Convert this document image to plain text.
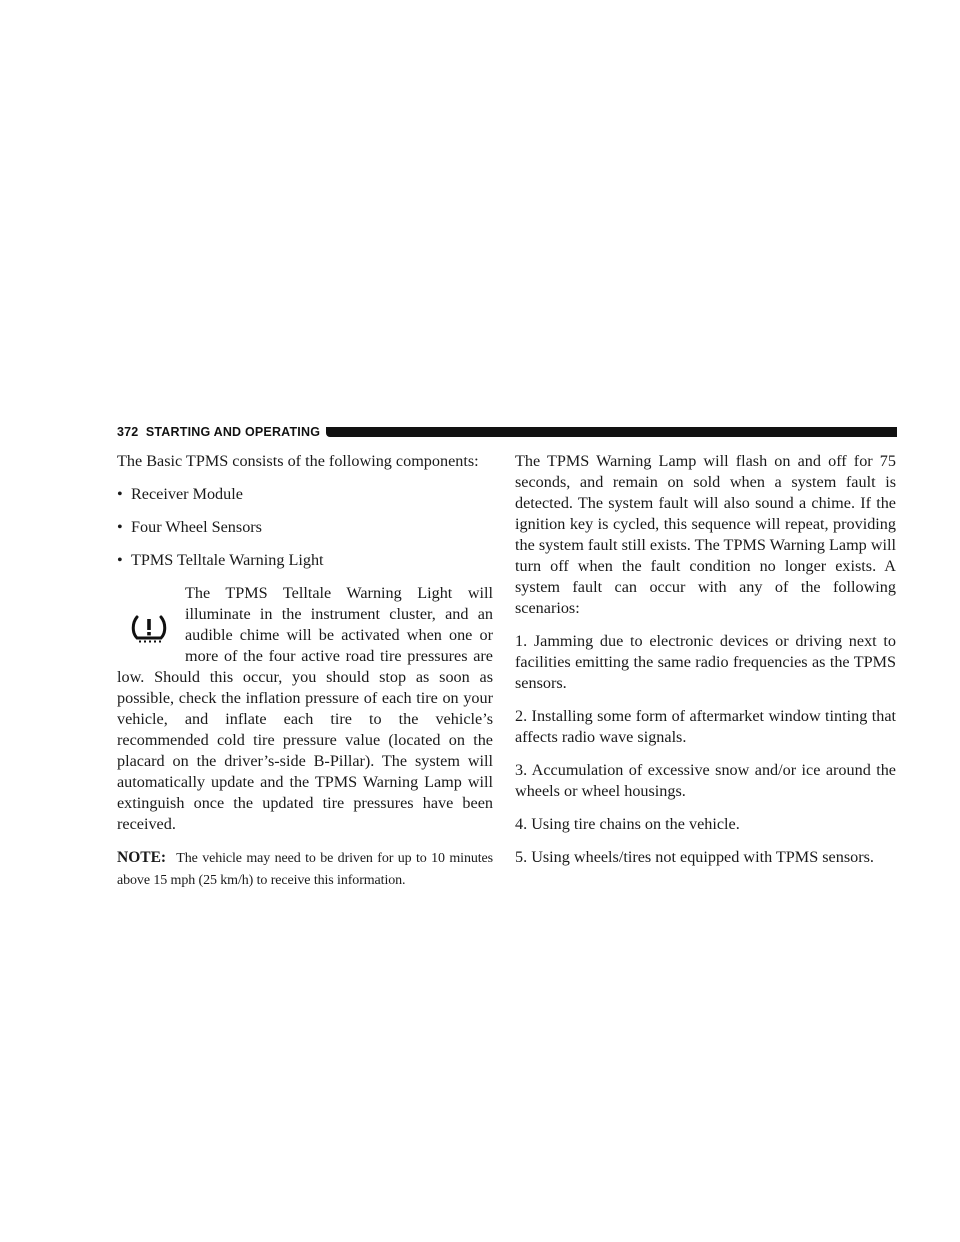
372 STARTING AND OPERATING

The Basic TPMS consists of the following components:

• Receiver Module
• Four Wheel Sensors
• TPMS Telltale Warning Light
The TPMS Telltale Warning Light will illuminate in the instrument cluster, and an audible chime will be activated when one or more of the four active road tire pressures are low. Should this occur, you should stop as soon as possible, check the inflation pressure of each tire on your vehicle, and inflate each tire to the vehicle’s recommended cold tire pressure value (located on the placard on the driver’s-side B-Pillar). The system will automatically update and the TPMS Warning Lamp will extinguish once the updated tire pressures have been received.

NOTE: The vehicle may need to be driven for up to 10 minutes above 15 mph (25 km/h) to receive this information.

The TPMS Warning Lamp will flash on and off for 75 seconds, and remain on sold when a system fault is detected. The system fault will also sound a chime. If the ignition key is cycled, this sequence will repeat, providing the system fault still exists. The TPMS Warning Lamp will turn off when the fault condition no longer exists. A system fault can occur with any of the following scenarios:

1. Jamming due to electronic devices or driving next to facilities emitting the same radio frequencies as the TPMS sensors.

2. Installing some form of aftermarket window tinting that affects radio wave signals.

3. Accumulation of excessive snow and/or ice around the wheels or wheel housings.

4. Using tire chains on the vehicle.

5. Using wheels/tires not equipped with TPMS sensors.
